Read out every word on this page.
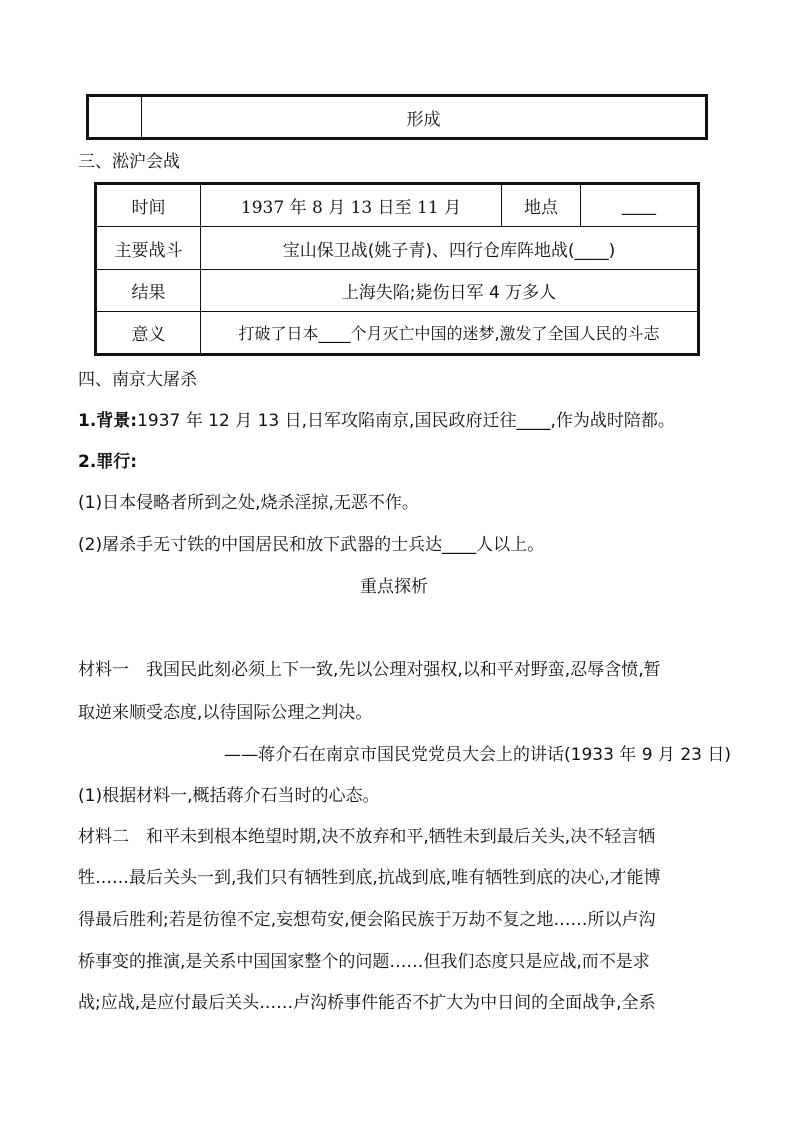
	形成
三、淞沪会战
时间	1937 年 8 月 13 日至 11 月	地点	____
主要战斗	宝山保卫战(姚子青)、四行仓库阵地战(____)		
结果	上海失陷;毙伤日军 4 万多人		
意义	打破了日本____个月灭亡中国的迷梦,激发了全国人民的斗志		
四、南京大屠杀
1.背景:1937 年 12 月 13 日,日军攻陷南京,国民政府迁往____,作为战时陪都。
2.罪行:
(1)日本侵略者所到之处,烧杀淫掠,无恶不作。
(2)屠杀手无寸铁的中国居民和放下武器的士兵达____人以上。
重点探析
材料一　我国民此刻必须上下一致,先以公理对强权,以和平对野蛮,忍辱含愤,暂
取逆来顺受态度,以待国际公理之判决。
——蒋介石在南京市国民党党员大会上的讲话(1933 年 9 月 23 日)
(1)根据材料一,概括蒋介石当时的心态。
材料二　和平未到根本绝望时期,决不放弃和平,牺牲未到最后关头,决不轻言牺
牲……最后关头一到,我们只有牺牲到底,抗战到底,唯有牺牲到底的决心,才能博
得最后胜利;若是彷徨不定,妄想苟安,便会陷民族于万劫不复之地……所以卢沟
桥事变的推演,是关系中国国家整个的问题……但我们态度只是应战,而不是求
战;应战,是应付最后关头……卢沟桥事件能否不扩大为中日间的全面战争,全系
